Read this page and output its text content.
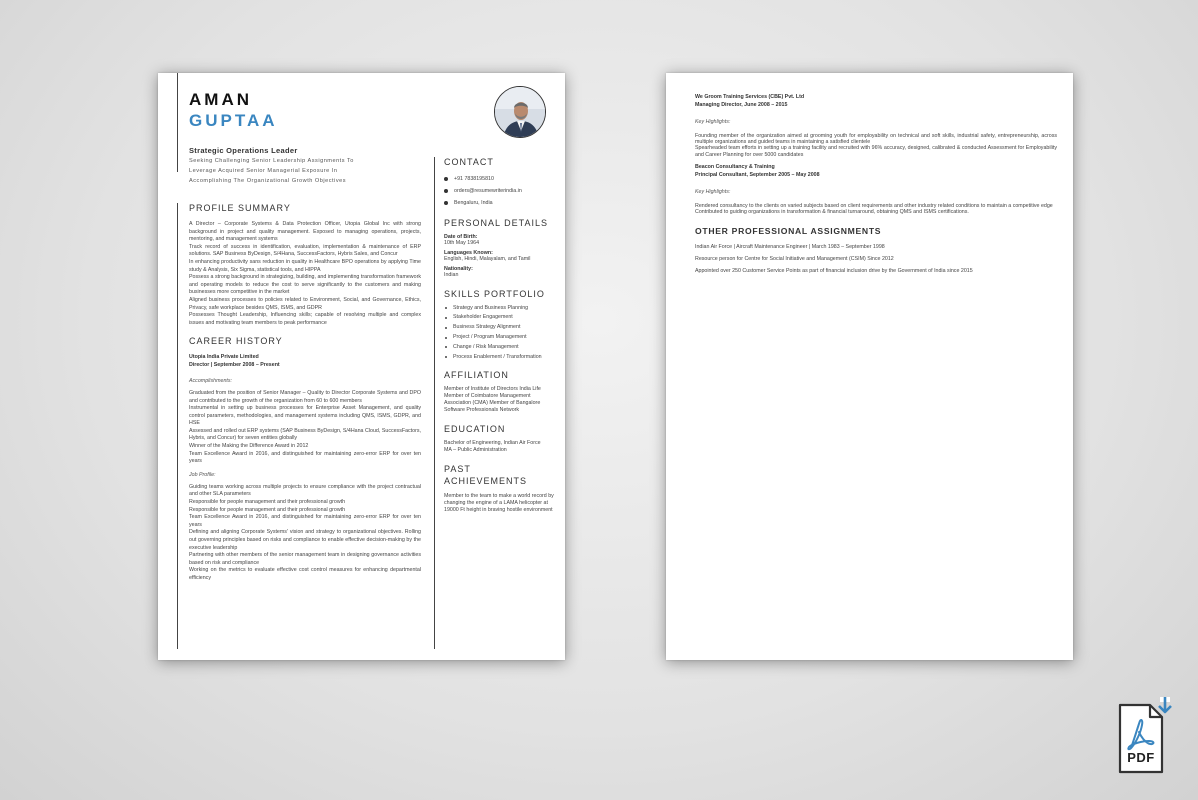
AMAN
GUPTAA
Strategic Operations Leader
Seeking Challenging Senior Leadership Assignments To Leverage Acquired Senior Managerial Exposure In Accomplishing The Organizational Growth Objectives
PROFILE SUMMARY
A Director – Corporate Systems & Data Protection Officer, Utopia Global Inc with strong background in project and quality management. Exposed to managing operations, projects, mentoring, and management systems
Track record of success in identification, evaluation, implementation & maintenance of ERP solutions. SAP Business ByDesign, S/4Hana, SuccessFactors, Hybris Sales, and Concur
In enhancing productivity sans reduction in quality in Healthcare BPO operations by applying Time study & Analysis, Six Sigma, statistical tools, and HIPPA
Possess a strong background in strategizing, building, and implementing transformation framework and operating models to reduce the cost to serve significantly to the customers and making businesses more competitive in the market
Aligned business processes to policies related to Environment, Social, and Governance, Ethics, Privacy, safe workplace besides QMS, ISMS, and GDPR
Possesses Thought Leadership, Influencing skills; capable of resolving multiple and complex issues and motivating team members to peak performance
CAREER HISTORY
Utopia India Private Limited
Director | September 2008 – Present
Accomplishments:
Graduated from the position of Senior Manager – Quality to Director Corporate Systems and DPO and contributed to the growth of the organization from 60 to 600 members
Instrumental in setting up business processes for Enterprise Asset Management, and quality control parameters, methodologies, and management systems including QMS, ISMS, GDPR, and HSE
Assessed and rolled out ERP systems (SAP Business ByDesign, S/4Hana Cloud, SuccessFactors, Hybris, and Concur) for seven entities globally
Winner of the Making the Difference Award in 2012
Team Excellence Award in 2016, and distinguished for maintaining zero-error ERP for over ten years
Job Profile:
Guiding teams working across multiple projects to ensure compliance with the project contractual and other SLA parameters
Responsible for people management and their professional growth
Responsible for people management and their professional growth
Team Excellence Award in 2016, and distinguished for maintaining zero-error ERP for over ten years
Defining and aligning Corporate Systems' vision and strategy to organizational objectives. Rolling out governing principles based on risks and compliance to enable effective decision-making by the executive leadership
Partnering with other members of the senior management team in designing governance activities based on risk and compliance
Working on the metrics to evaluate effective cost control measures for enhancing departmental efficiency
CONTACT
+91 7838195810
orders@resumewriterindia.in
Bengaluru, India
PERSONAL DETAILS
Date of Birth:
10th May 1964
Languages Known:
English, Hindi, Malayalam, and Tamil
Nationality:
Indian
SKILLS PORTFOLIO
Strategy and Business Planning
Stakeholder Engagement
Business Strategy Alignment
Project / Program Management
Change / Risk Management
Process Enablement / Transformation
AFFILIATION
Member of Institute of Directors India Life Member of Coimbatore Management Association (CMA) Member of Bangalore Software Professionals Network
EDUCATION
Bachelor of Engineering, Indian Air Force
MA – Public Administration
PAST ACHIEVEMENTS
Member to the team to make a world record by changing the engine of a LAMA helicopter at 19000 Ft height in braving hostile environment
We Groom Training Services (CBE) Pvt. Ltd
Managing Director, June 2008 – 2015
Key Highlights:
Founding member of the organization aimed at grooming youth for employability on technical and soft skills, industrial safety, entrepreneurship, across multiple organizations and guided teams in maintaining a satisfied clientele
Spearheaded team efforts in setting up a training facility and recruited with 96% accuracy, designed, calibrated & conducted Assessment for Employability and Career Planning for over 5000 candidates
Beacon Consultancy & Training
Principal Consultant, September 2005 – May 2008
Key Highlights:
Rendered consultancy to the clients on varied subjects based on client requirements and other industry related conditions to maintain a competitive edge
Contributed to guiding organizations in transformation & financial turnaround, obtaining QMS and ISMS certifications.
OTHER PROFESSIONAL ASSIGNMENTS
Indian Air Force | Aircraft Maintenance Engineer | March 1983 – September 1998
Resource person for Centre for Social Initiative and Management (CSIM) Since 2012
Appointed over 250 Customer Service Points as part of financial inclusion drive by the Government of India since 2015
PDF
